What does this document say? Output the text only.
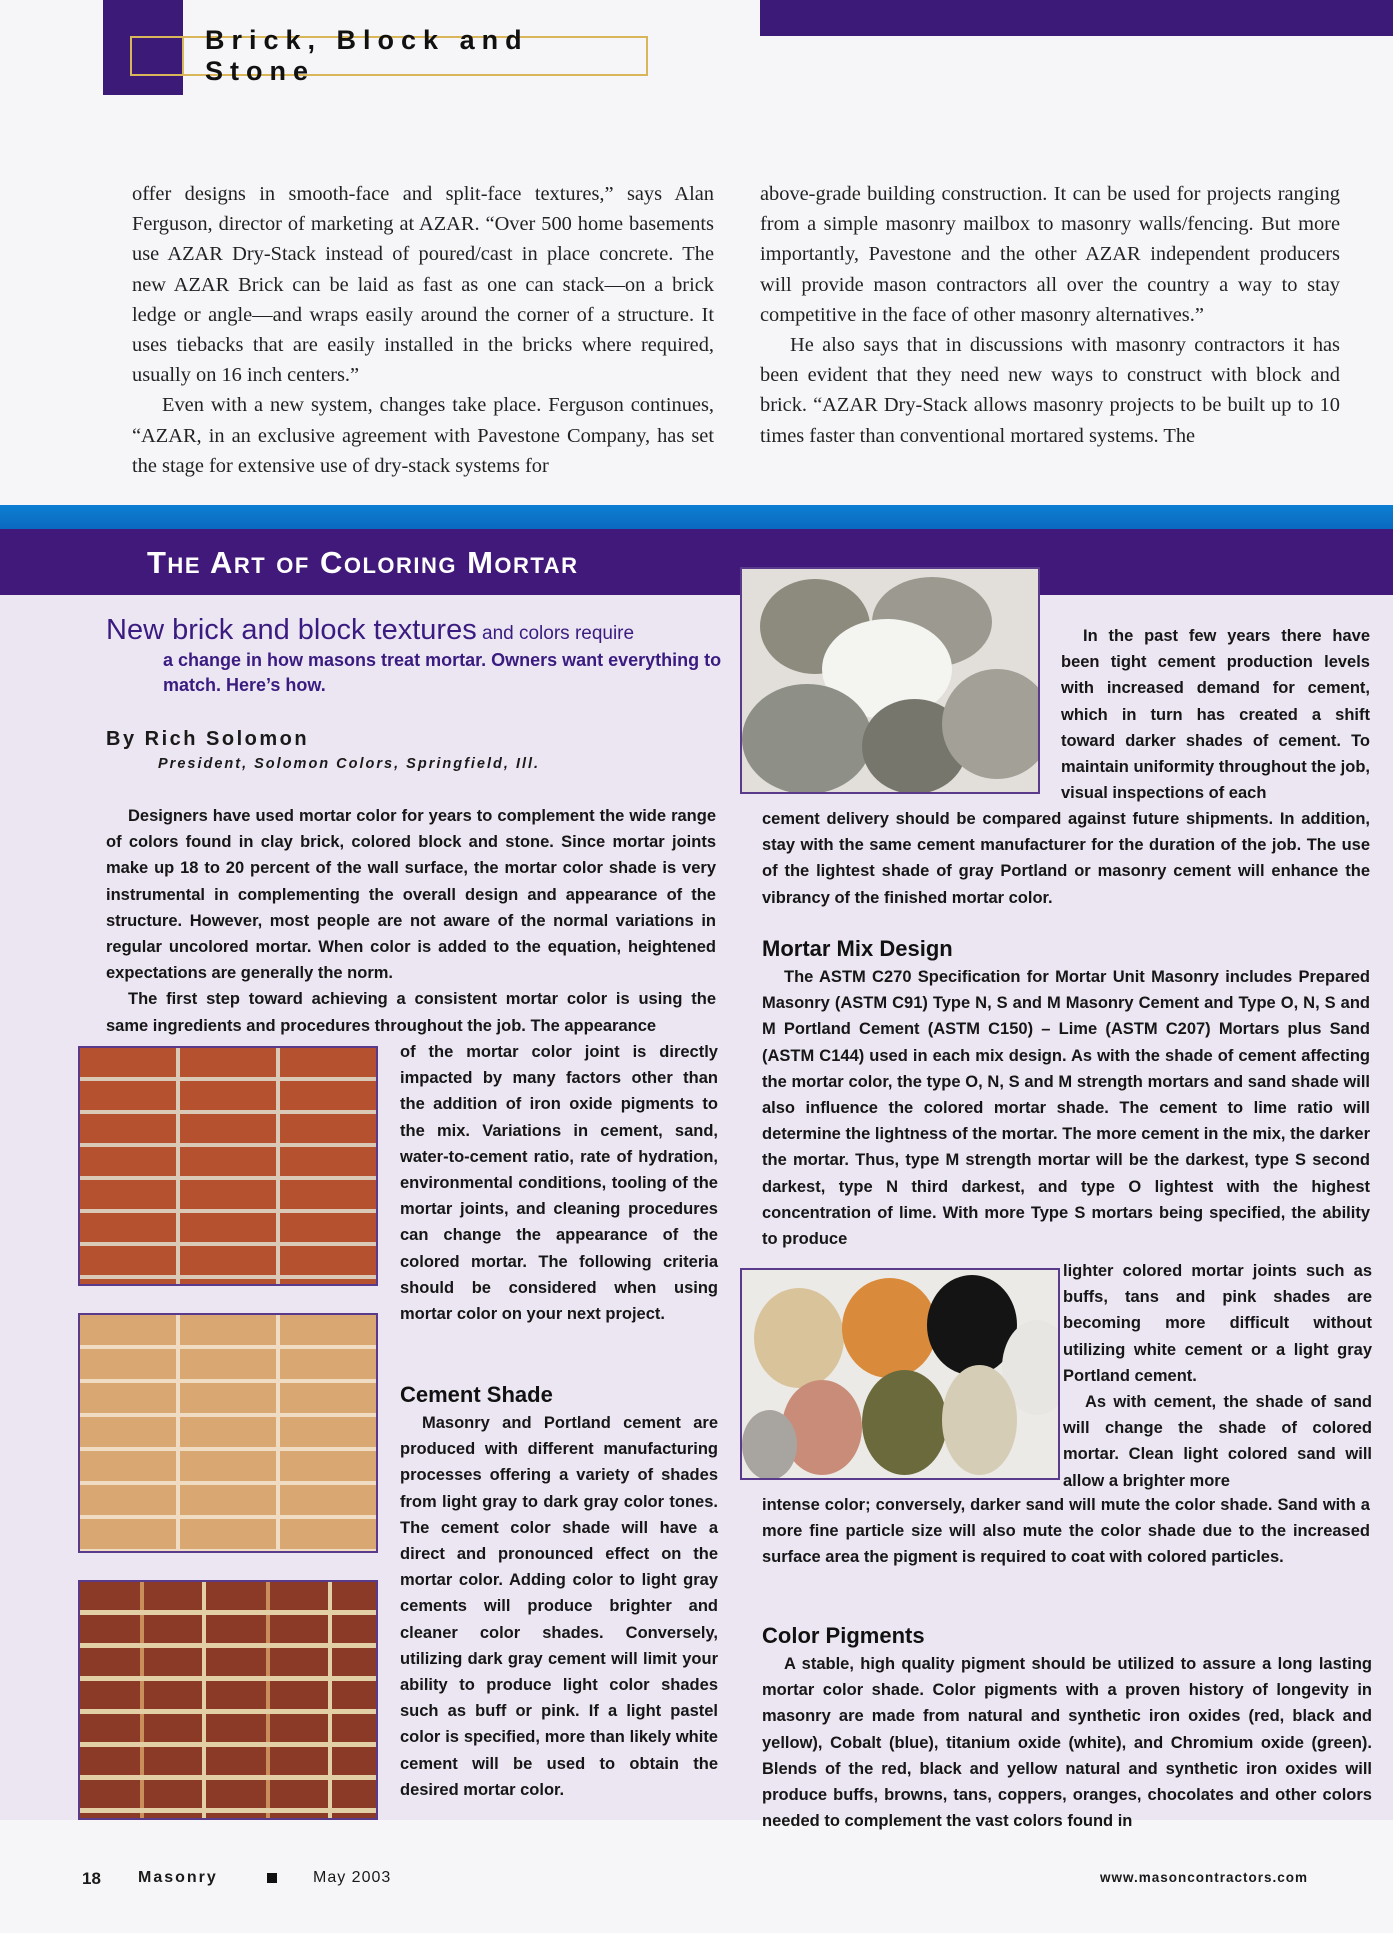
Brick, Block and Stone

offer designs in smooth-face and split-face textures,” says Alan Ferguson, director of marketing at AZAR. “Over 500 home basements use AZAR Dry-Stack instead of poured/cast in place concrete. The new AZAR Brick can be laid as fast as one can stack—on a brick ledge or angle—and wraps easily around the corner of a structure. It uses tiebacks that are easily installed in the bricks where required, usually on 16 inch centers.”

Even with a new system, changes take place. Ferguson continues, “AZAR, in an exclusive agreement with Pavestone Company, has set the stage for extensive use of dry-stack systems for

above-grade building construction. It can be used for projects ranging from a simple masonry mailbox to masonry walls/fencing. But more importantly, Pavestone and the other AZAR independent producers will provide mason contractors all over the country a way to stay competitive in the face of other masonry alternatives.”

He also says that in discussions with masonry contractors it has been evident that they need new ways to construct with block and brick. “AZAR Dry-Stack allows masonry projects to be built up to 10 times faster than conventional mortared systems. The

The Art of Coloring Mortar
New brick and block textures and colors require
a change in how masons treat mortar. Owners want everything to match. Here’s how.
By Rich Solomon
President, Solomon Colors, Springfield, Ill.

Designers have used mortar color for years to complement the wide range of colors found in clay brick, colored block and stone. Since mortar joints make up 18 to 20 percent of the wall surface, the mortar color shade is very instrumental in complementing the overall design and appearance of the structure. However, most people are not aware of the normal variations in regular uncolored mortar. When color is added to the equation, heightened expectations are generally the norm.

The first step toward achieving a consistent mortar color is using the same ingredients and procedures throughout the job. The appearance

of the mortar color joint is directly impacted by many factors other than the addition of iron oxide pigments to the mix. Variations in cement, sand, water-to-cement ratio, rate of hydration, environmental conditions, tooling of the mortar joints, and cleaning procedures can change the appearance of the colored mortar. The following criteria should be considered when using mortar color on your next project.

Cement Shade

Masonry and Portland cement are produced with different manufacturing processes offering a variety of shades from light gray to dark gray color tones. The cement color shade will have a direct and pronounced effect on the mortar color. Adding color to light gray cements will produce brighter and cleaner color shades. Conversely, utilizing dark gray cement will limit your ability to produce light color shades such as buff or pink. If a light pastel color is specified, more than likely white cement will be used to obtain the desired mortar color.

In the past few years there have been tight cement production levels with increased demand for cement, which in turn has created a shift toward darker shades of cement. To maintain uniformity throughout the job, visual inspections of each

cement delivery should be compared against future shipments. In addition, stay with the same cement manufacturer for the duration of the job. The use of the lightest shade of gray Portland or masonry cement will enhance the vibrancy of the finished mortar color.

Mortar Mix Design

The ASTM C270 Specification for Mortar Unit Masonry includes Prepared Masonry (ASTM C91) Type N, S and M Masonry Cement and Type O, N, S and M Portland Cement (ASTM C150) – Lime (ASTM C207) Mortars plus Sand (ASTM C144) used in each mix design. As with the shade of cement affecting the mortar color, the type O, N, S and M strength mortars and sand shade will also influence the colored mortar shade. The cement to lime ratio will determine the lightness of the mortar. The more cement in the mix, the darker the mortar. Thus, type M strength mortar will be the darkest, type S second darkest, type N third darkest, and type O lightest with the highest concentration of lime. With more Type S mortars being specified, the ability to produce

lighter colored mortar joints such as buffs, tans and pink shades are becoming more difficult without utilizing white cement or a light gray Portland cement.

As with cement, the shade of sand will change the shade of colored mortar. Clean light colored sand will allow a brighter more

intense color; conversely, darker sand will mute the color shade. Sand with a more fine particle size will also mute the color shade due to the increased surface area the pigment is required to coat with colored particles.

Color Pigments

A stable, high quality pigment should be utilized to assure a long lasting mortar color shade. Color pigments with a proven history of longevity in masonry are made from natural and synthetic iron oxides (red, black and yellow), Cobalt (blue), titanium oxide (white), and Chromium oxide (green). Blends of the red, black and yellow natural and synthetic iron oxides will produce buffs, browns, tans, coppers, oranges, chocolates and other colors needed to complement the vast colors found in

18 Masonry	May 2003	www.masoncontractors.com
